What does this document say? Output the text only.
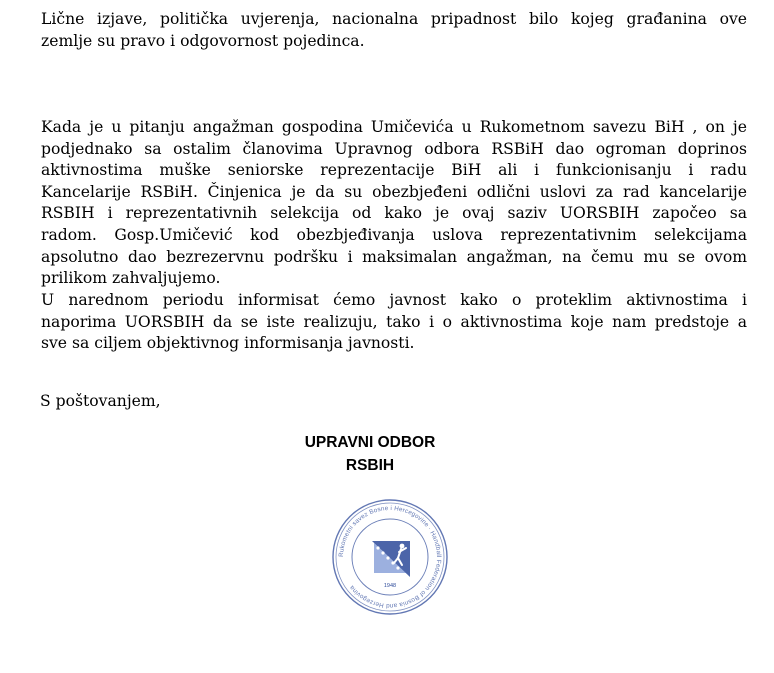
Lične izjave, politička uvjerenja, nacionalna pripadnost bilo kojeg građanina ove
zemlje su pravo i odgovornost pojedinca.
Kada je u pitanju angažman gospodina Umičevića u Rukometnom savezu BiH , on je
podjednako sa ostalim članovima Upravnog odbora RSBiH dao ogroman doprinos
aktivnostima muške seniorske reprezentacije BiH ali i funkcionisanju i radu
Kancelarije RSBiH. Činjenica je da su obezbjeđeni odlični uslovi za rad kancelarije
RSBIH i reprezentativnih selekcija od kako je ovaj saziv UORSBIH započeo sa
radom. Gosp.Umičević kod obezbjeđivanja uslova reprezentativnim selekcijama
apsolutno dao bezrezervnu podršku i maksimalan angažman, na čemu mu se ovom
prilikom zahvaljujemo.
U narednom periodu informisat ćemo javnost kako o proteklim aktivnostima i
naporima UORSBIH da se iste realizuju, tako i o aktivnostima koje nam predstoje a
sve sa ciljem objektivnog informisanja javnosti.

S poštovanjem,

UPRAVNI ODBOR

RSBIH

Rukometni savez Bosne i Hercegovine · Handball Federation of Bosnia and Herzegovina	1948
